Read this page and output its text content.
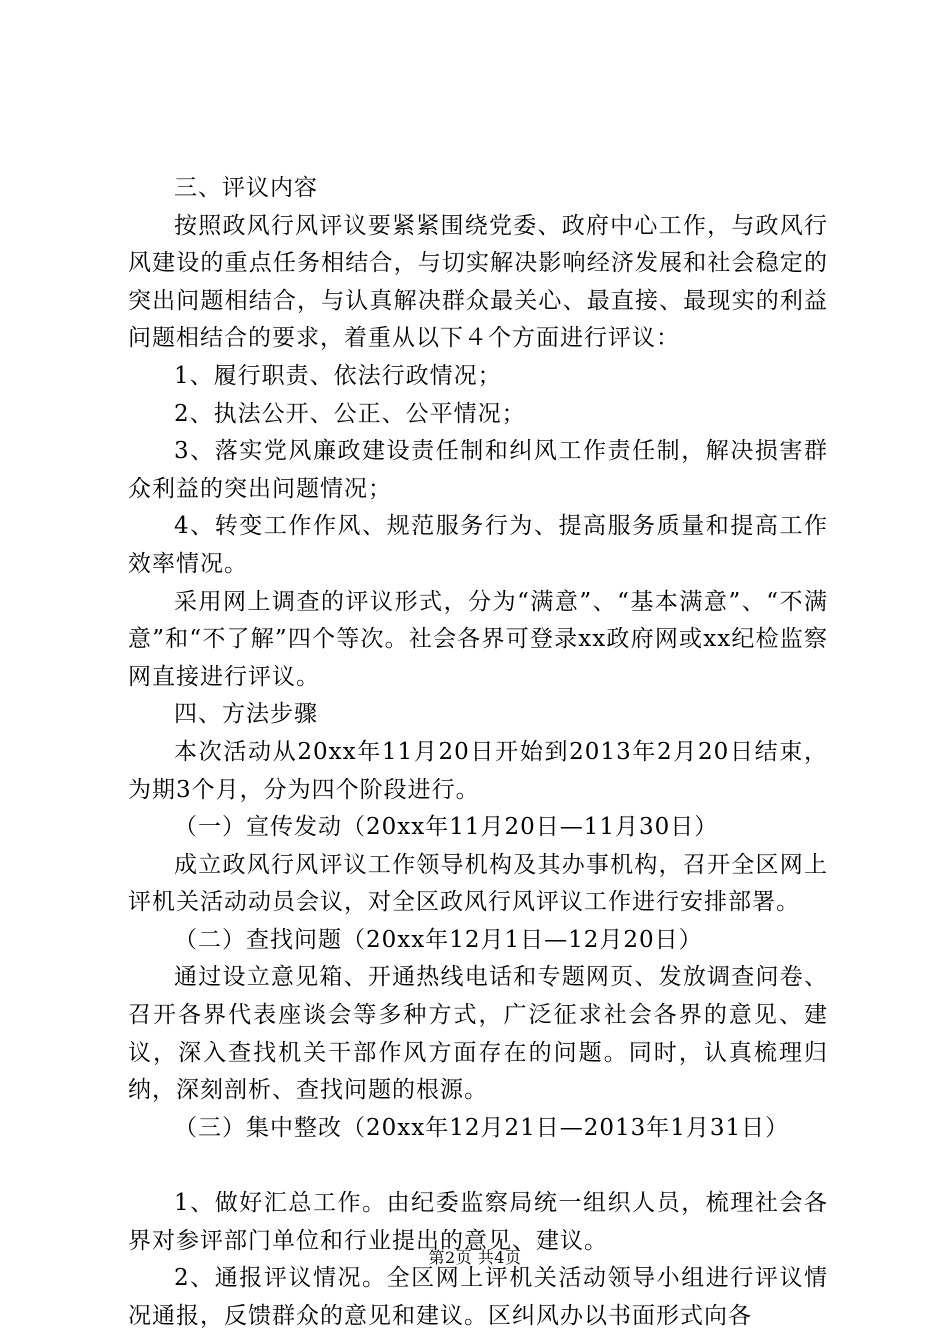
三、评议内容

按照政风行风评议要紧紧围绕党委、政府中心工作，与政风行风建设的重点任务相结合，与切实解决影响经济发展和社会稳定的突出问题相结合，与认真解决群众最关心、最直接、最现实的利益问题相结合的要求，着重从以下４个方面进行评议：

1、履行职责、依法行政情况；

2、执法公开、公正、公平情况；

3、落实党风廉政建设责任制和纠风工作责任制，解决损害群众利益的突出问题情况；

4、转变工作作风、规范服务行为、提高服务质量和提高工作效率情况。

采用网上调查的评议形式，分为“满意”、“基本满意”、“不满意”和“不了解”四个等次。社会各界可登录xx政府网或xx纪检监察网直接进行评议。

四、方法步骤

本次活动从20xx年11月20日开始到2013年2月20日结束，为期3个月，分为四个阶段进行。

（一）宣传发动（20xx年11月20日—11月30日）

成立政风行风评议工作领导机构及其办事机构，召开全区网上评机关活动动员会议，对全区政风行风评议工作进行安排部署。

（二）查找问题（20xx年12月1日—12月20日）

通过设立意见箱、开通热线电话和专题网页、发放调查问卷、召开各界代表座谈会等多种方式，广泛征求社会各界的意见、建议，深入查找机关干部作风方面存在的问题。同时，认真梳理归纳，深刻剖析、查找问题的根源。

（三）集中整改（20xx年12月21日—2013年1月31日）

1、做好汇总工作。由纪委监察局统一组织人员，梳理社会各界对参评部门单位和行业提出的意见、建议。

2、通报评议情况。全区网上评机关活动领导小组进行评议情况通报，反馈群众的意见和建议。区纠风办以书面形式向各

第2页 共4页
